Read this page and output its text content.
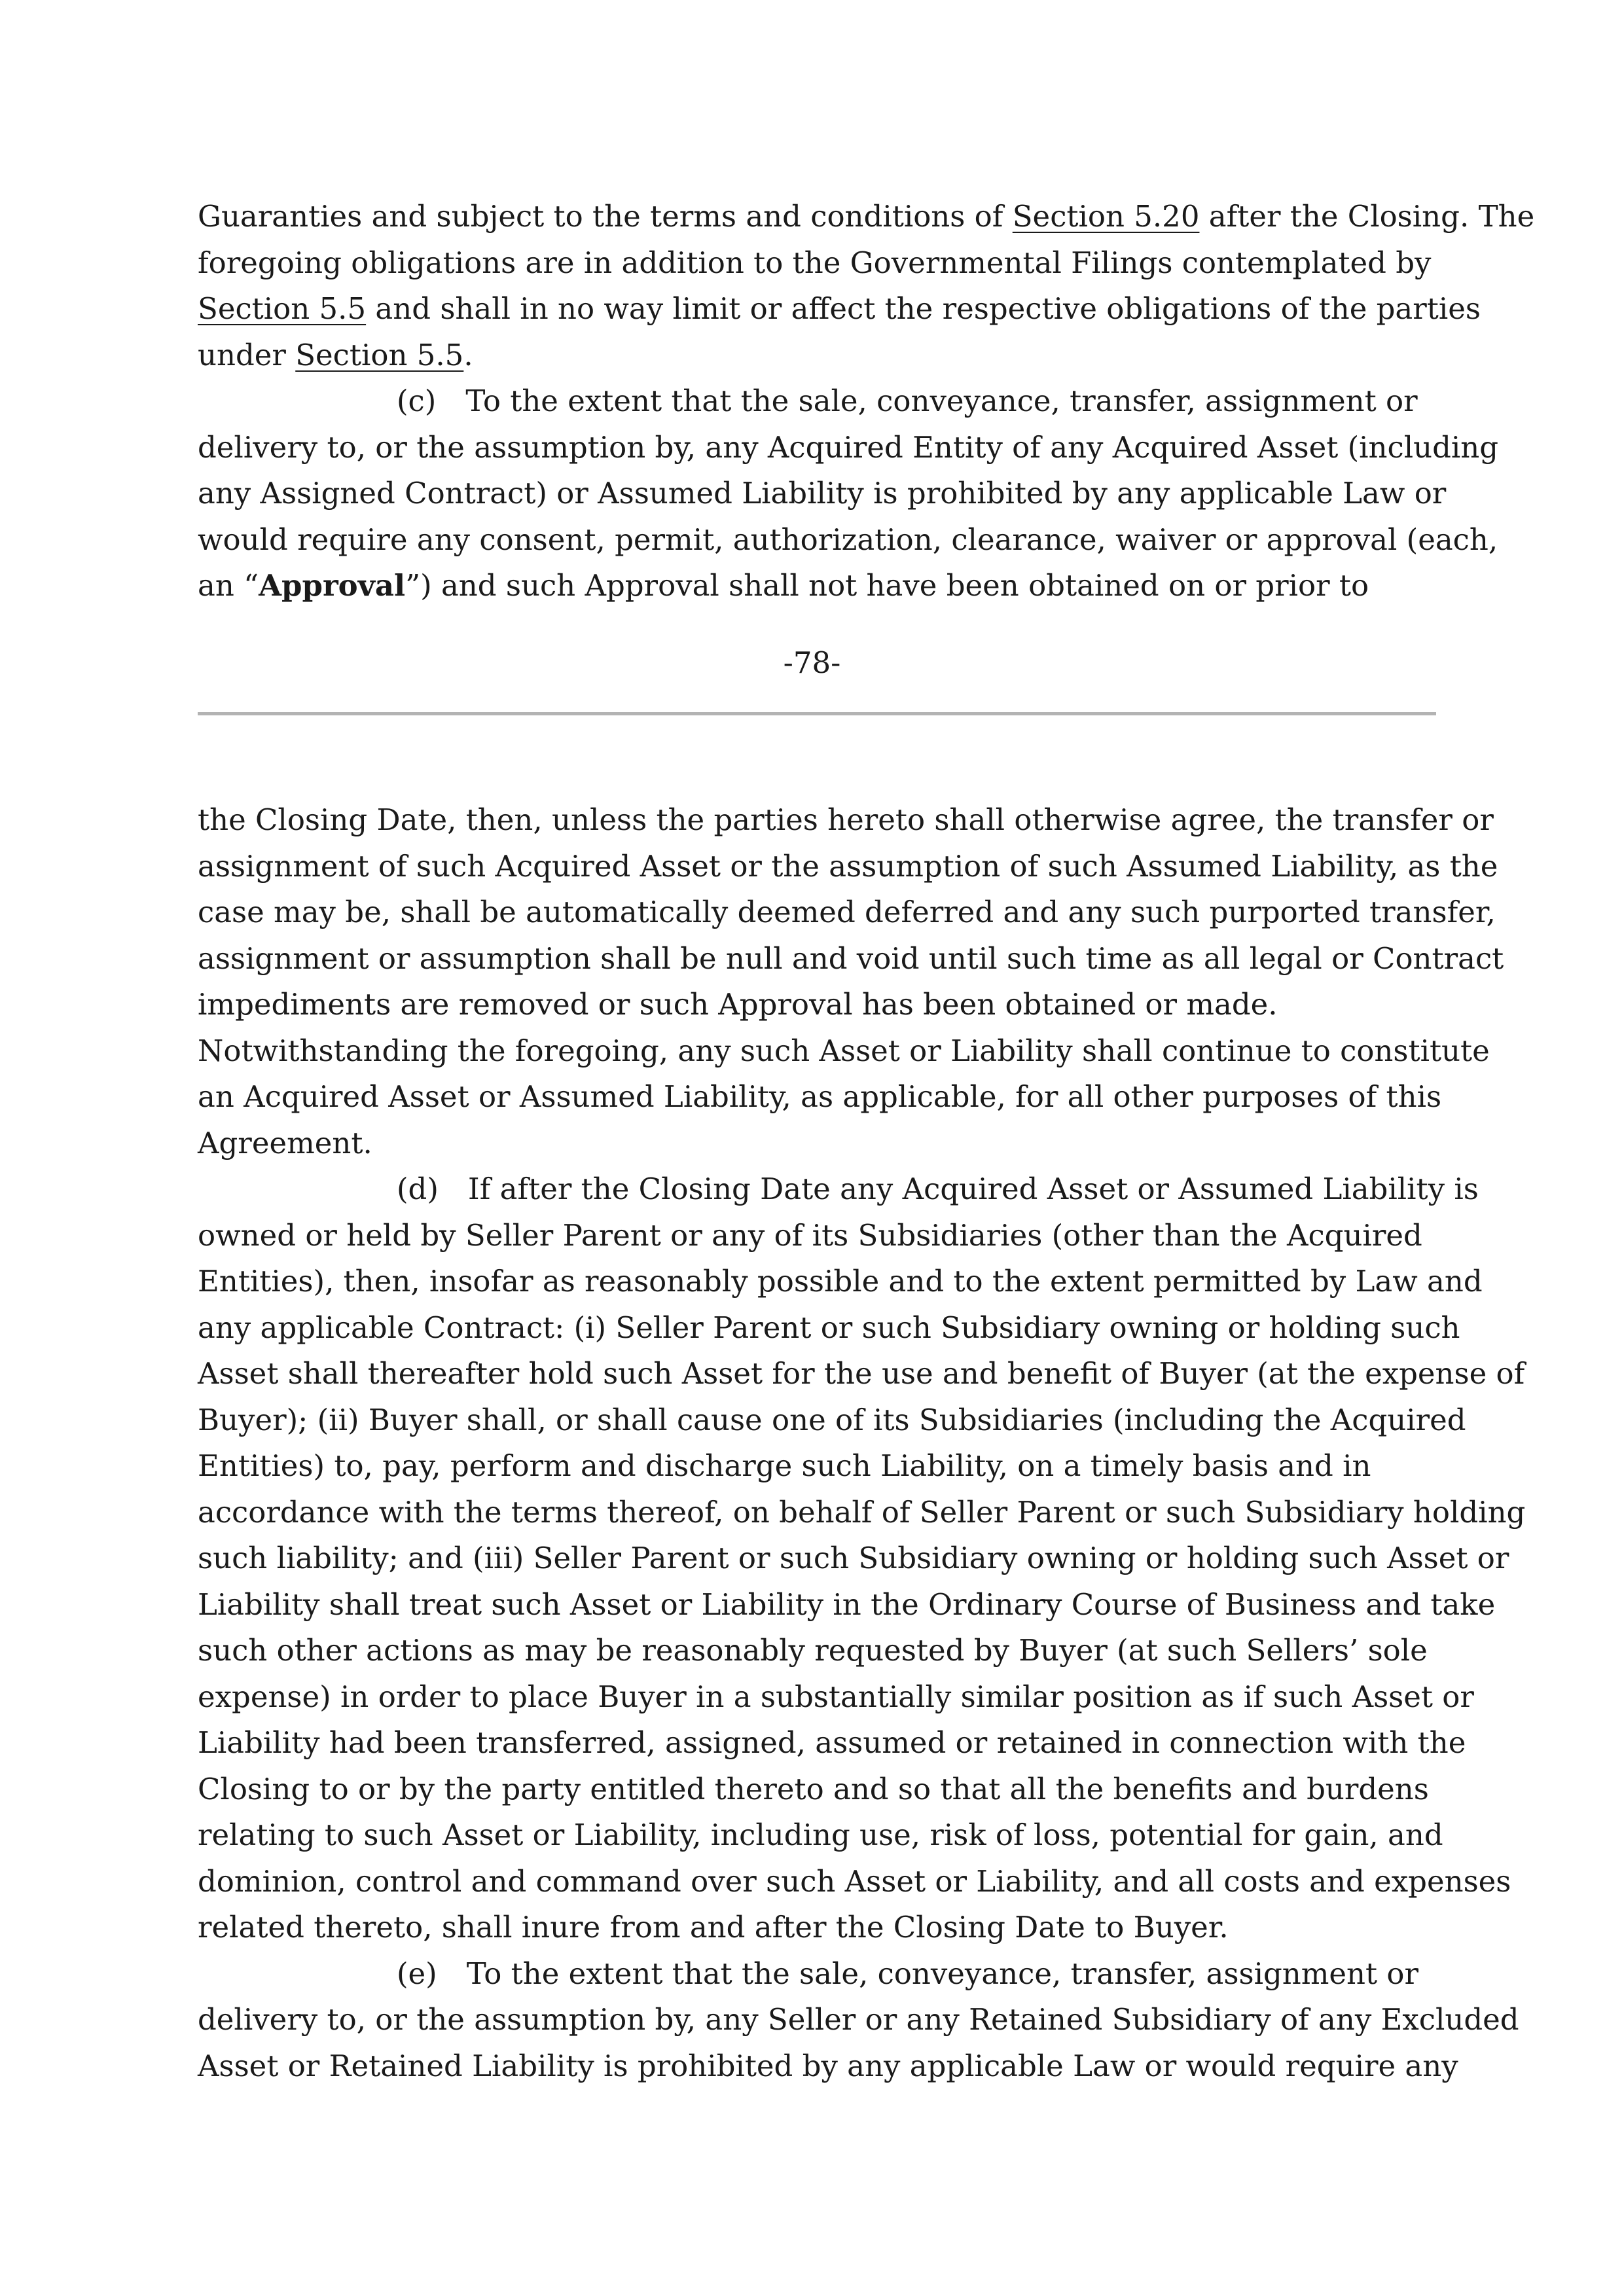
Guaranties and subject to the terms and conditions of Section 5.20 after the Closing. The
foregoing obligations are in addition to the Governmental Filings contemplated by
Section 5.5 and shall in no way limit or affect the respective obligations of the parties
under Section 5.5.
(c) To the extent that the sale, conveyance, transfer, assignment or
delivery to, or the assumption by, any Acquired Entity of any Acquired Asset (including
any Assigned Contract) or Assumed Liability is prohibited by any applicable Law or
would require any consent, permit, authorization, clearance, waiver or approval (each,
an “Approval”) and such Approval shall not have been obtained on or prior to
-78-
the Closing Date, then, unless the parties hereto shall otherwise agree, the transfer or
assignment of such Acquired Asset or the assumption of such Assumed Liability, as the
case may be, shall be automatically deemed deferred and any such purported transfer,
assignment or assumption shall be null and void until such time as all legal or Contract
impediments are removed or such Approval has been obtained or made.
Notwithstanding the foregoing, any such Asset or Liability shall continue to constitute
an Acquired Asset or Assumed Liability, as applicable, for all other purposes of this
Agreement.
(d) If after the Closing Date any Acquired Asset or Assumed Liability is
owned or held by Seller Parent or any of its Subsidiaries (other than the Acquired
Entities), then, insofar as reasonably possible and to the extent permitted by Law and
any applicable Contract: (i) Seller Parent or such Subsidiary owning or holding such
Asset shall thereafter hold such Asset for the use and benefit of Buyer (at the expense of
Buyer); (ii) Buyer shall, or shall cause one of its Subsidiaries (including the Acquired
Entities) to, pay, perform and discharge such Liability, on a timely basis and in
accordance with the terms thereof, on behalf of Seller Parent or such Subsidiary holding
such liability; and (iii) Seller Parent or such Subsidiary owning or holding such Asset or
Liability shall treat such Asset or Liability in the Ordinary Course of Business and take
such other actions as may be reasonably requested by Buyer (at such Sellers’ sole
expense) in order to place Buyer in a substantially similar position as if such Asset or
Liability had been transferred, assigned, assumed or retained in connection with the
Closing to or by the party entitled thereto and so that all the benefits and burdens
relating to such Asset or Liability, including use, risk of loss, potential for gain, and
dominion, control and command over such Asset or Liability, and all costs and expenses
related thereto, shall inure from and after the Closing Date to Buyer.
(e) To the extent that the sale, conveyance, transfer, assignment or
delivery to, or the assumption by, any Seller or any Retained Subsidiary of any Excluded
Asset or Retained Liability is prohibited by any applicable Law or would require any
